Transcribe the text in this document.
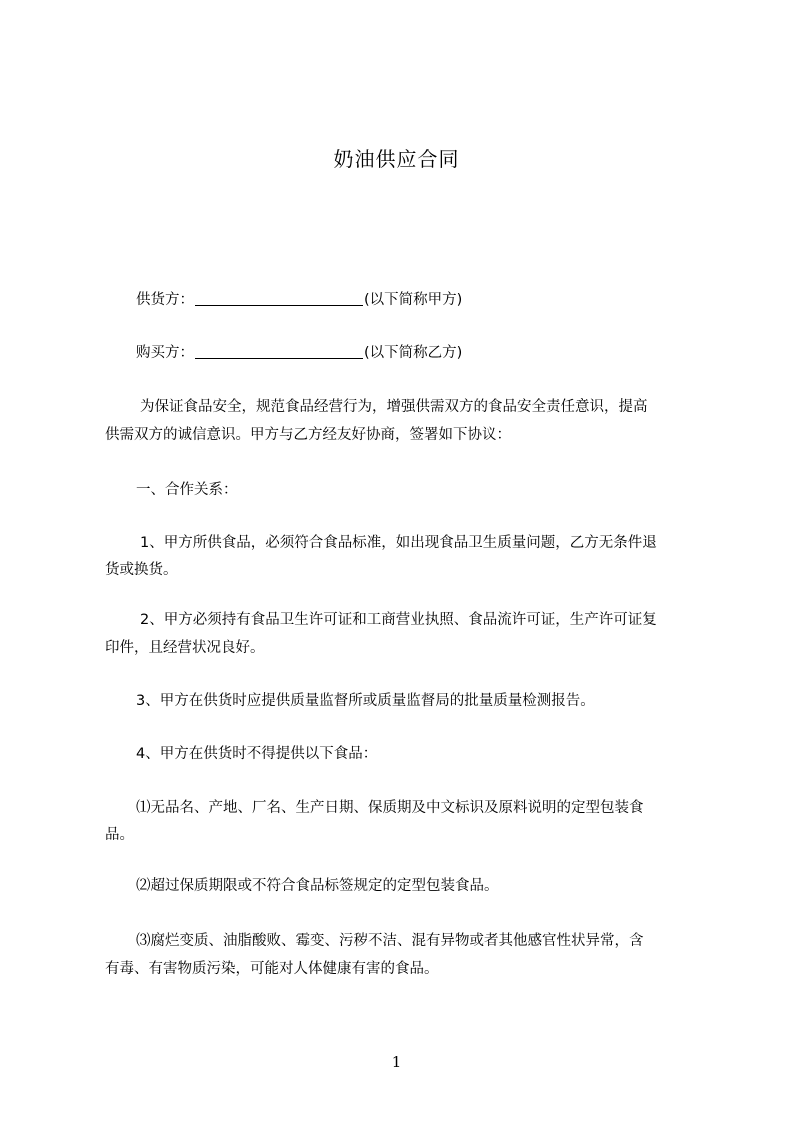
奶油供应合同
供货方：	(以下简称甲方)
购买方：	(以下简称乙方)
为保证食品安全，规范食品经营行为，增强供需双方的食品安全责任意识，提高
供需双方的诚信意识。甲方与乙方经友好协商，签署如下协议：
一、合作关系：
1、甲方所供食品，必须符合食品标准，如出现食品卫生质量问题，乙方无条件退
货或换货。
2、甲方必须持有食品卫生许可证和工商营业执照、食品流许可证，生产许可证复
印件，且经营状况良好。
3、甲方在供货时应提供质量监督所或质量监督局的批量质量检测报告。
4、甲方在供货时不得提供以下食品：
⑴无品名、产地、厂名、生产日期、保质期及中文标识及原料说明的定型包装食
品。
⑵超过保质期限或不符合食品标签规定的定型包装食品。
⑶腐烂变质、油脂酸败、霉变、污秽不洁、混有异物或者其他感官性状异常，含
有毒、有害物质污染，可能对人体健康有害的食品。
1
